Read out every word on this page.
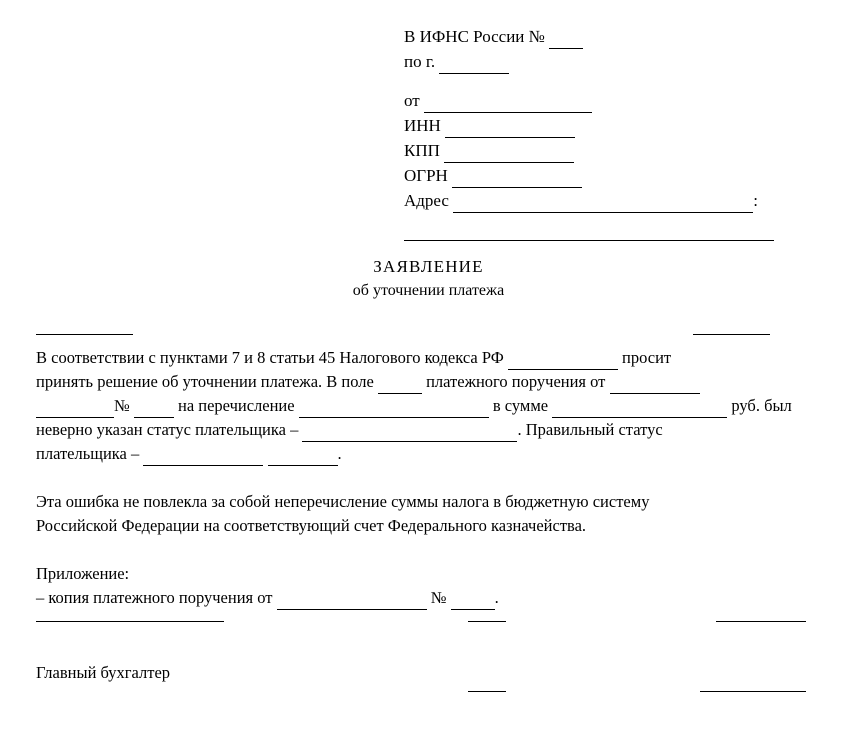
В ИФНС России №
по г.
от
ИНН
КПП
ОГРН
Адрес	:
ЗАЯВЛЕНИЕ
об уточнении платежа

В соответствии с пунктами 7 и 8 статьи 45 Налогового кодекса РФ	просит

принять решение об уточнении платежа. В поле	платежного поручения от

№  на перечисление	в сумме	руб. был

неверно указан статус плательщика –	. Правильный статус

плательщика –	.

Эта ошибка не повлекла за собой неперечисление суммы налога в бюджетную систему

Российской Федерации на соответствующий счет Федерального казначейства.

Приложение:

– копия платежного поручения от	№	.

Главный бухгалтер
